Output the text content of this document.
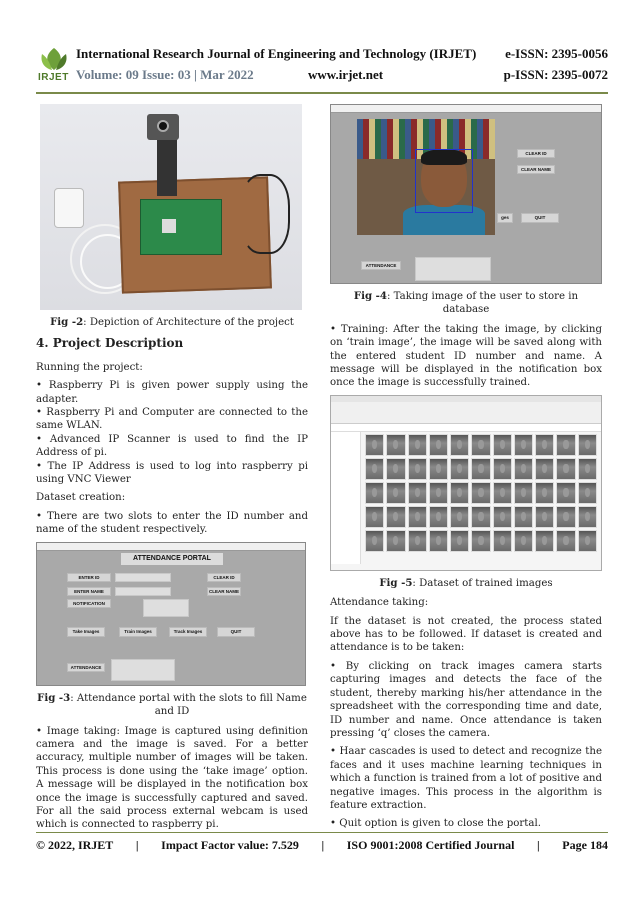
IRJET
International Research Journal of Engineering and Technology (IRJET) e-ISSN: 2395-0056
Volume: 09 Issue: 03 | Mar 2022	www.irjet.net	p-ISSN: 2395-0072
Fig -2: Depiction of Architecture of the project
4. Project Description

Running the project:

• Raspberry Pi is given power supply using the adapter.

• Raspberry Pi and Computer are connected to the same WLAN.

• Advanced IP Scanner is used to find the IP Address of pi.

• The IP Address is used to log into raspberry pi using VNC Viewer

Dataset creation:

• There are two slots to enter the ID number and name of the student respectively.

ATTENDANCE PORTAL
ENTER ID
ENTER NAME
NOTIFICATION
CLEAR ID
CLEAR NAME
Take Images	Train Images	Track Images	QUIT
ATTENDANCE
Fig -3: Attendance portal with the slots to fill Name and ID

• Image taking: Image is captured using definition camera and the image is saved. For a better accuracy, multiple number of images will be taken. This process is done using the ‘take image’ option. A message will be displayed in the notification box once the image is successfully captured and saved. For all the said process external webcam is used which is connected to raspberry pi.

CLEAR ID
CLEAR NAME
ges	QUIT
ATTENDANCE
Fig -4: Taking image of the user to store in database

• Training: After the taking the image, by clicking on ‘train image’, the image will be saved along with the entered student ID number and name. A message will be displayed in the notification box once the image is successfully trained.

Fig -5: Dataset of trained images

Attendance taking:

If the dataset is not created, the process stated above has to be followed. If dataset is created and attendance is to be taken:

• By clicking on track images camera starts capturing images and detects the face of the student, thereby marking his/her attendance in the spreadsheet with the corresponding time and date, ID number and name. Once attendance is taken pressing ‘q’ closes the camera.

• Haar cascades is used to detect and recognize the faces and it uses machine learning techniques in which a function is trained from a lot of positive and negative images. This process in the algorithm is feature extraction.

• Quit option is given to close the portal.

© 2022, IRJET | Impact Factor value: 7.529 | ISO 9001:2008 Certified Journal | Page 184
